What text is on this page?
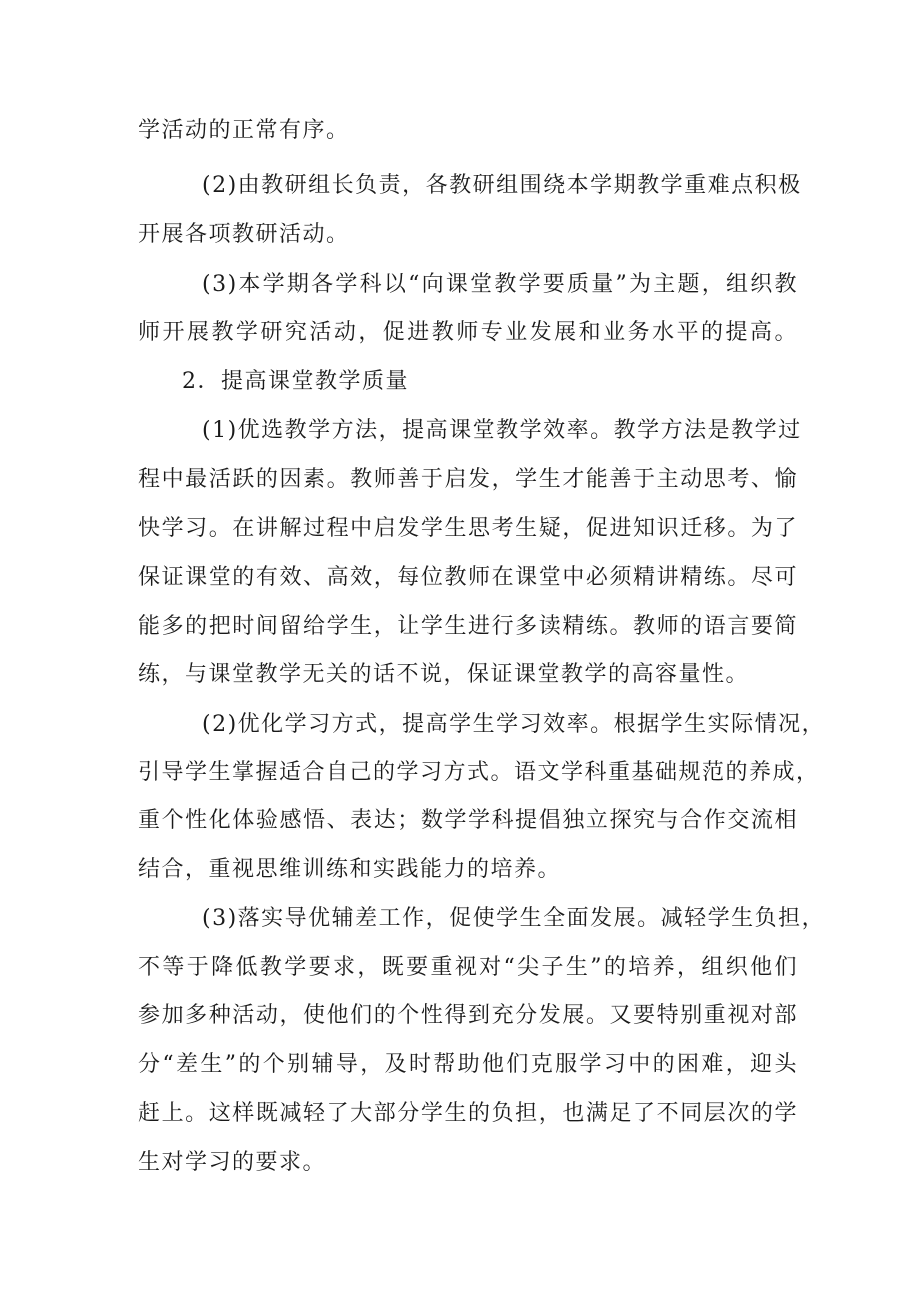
学活动的正常有序。
(2)由教研组长负责，各教研组围绕本学期教学重难点积极
开展各项教研活动。
(3)本学期各学科以“向课堂教学要质量”为主题，组织教
师开展教学研究活动，促进教师专业发展和业务水平的提高。
2．提高课堂教学质量
(1)优选教学方法，提高课堂教学效率。教学方法是教学过
程中最活跃的因素。教师善于启发，学生才能善于主动思考、愉
快学习。在讲解过程中启发学生思考生疑，促进知识迁移。为了
保证课堂的有效、高效，每位教师在课堂中必须精讲精练。尽可
能多的把时间留给学生，让学生进行多读精练。教师的语言要简
练，与课堂教学无关的话不说，保证课堂教学的高容量性。
(2)优化学习方式，提高学生学习效率。根据学生实际情况，
引导学生掌握适合自己的学习方式。语文学科重基础规范的养成，
重个性化体验感悟、表达；数学学科提倡独立探究与合作交流相
结合，重视思维训练和实践能力的培养。
(3)落实导优辅差工作，促使学生全面发展。减轻学生负担，
不等于降低教学要求，既要重视对“尖子生”的培养，组织他们
参加多种活动，使他们的个性得到充分发展。又要特别重视对部
分“差生”的个别辅导，及时帮助他们克服学习中的困难，迎头
赶上。这样既减轻了大部分学生的负担，也满足了不同层次的学
生对学习的要求。
